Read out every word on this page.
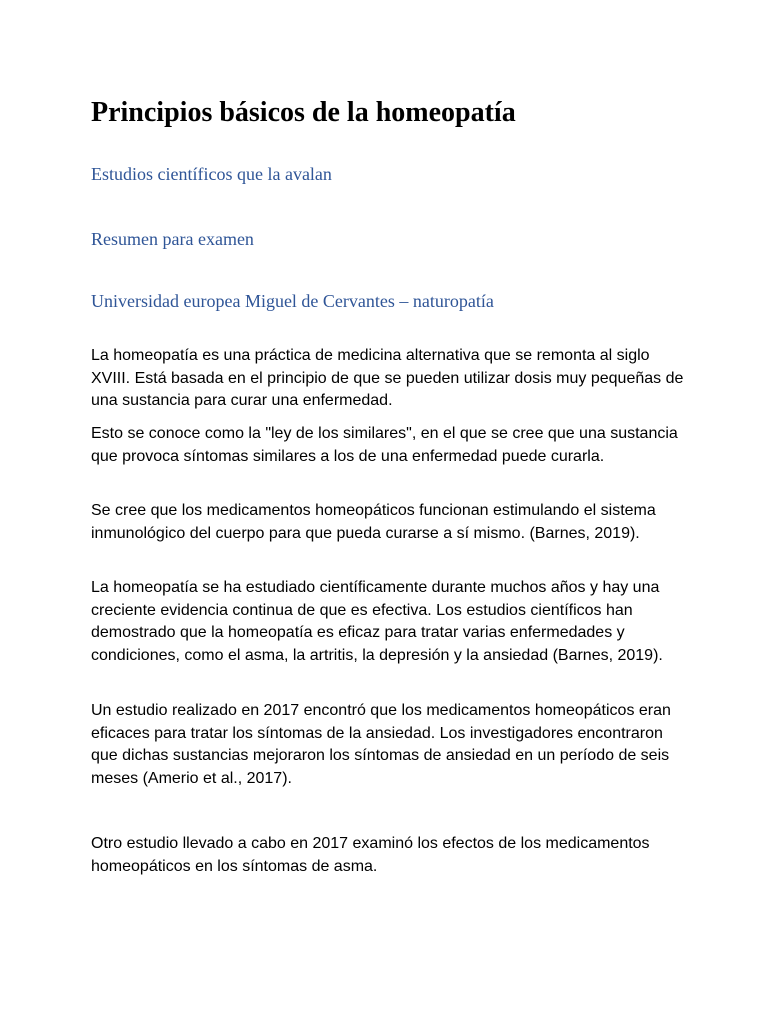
Principios básicos de la homeopatía
Estudios científicos que la avalan
Resumen para examen
Universidad europea Miguel de Cervantes – naturopatía

La homeopatía es una práctica de medicina alternativa que se remonta al siglo XVIII. Está basada en el principio de que se pueden utilizar dosis muy pequeñas de una sustancia para curar una enfermedad.

Esto se conoce como la "ley de los similares", en el que se cree que una sustancia que provoca síntomas similares a los de una enfermedad puede curarla.

Se cree que los medicamentos homeopáticos funcionan estimulando el sistema inmunológico del cuerpo para que pueda curarse a sí mismo. (Barnes, 2019).

La homeopatía se ha estudiado científicamente durante muchos años y hay una creciente evidencia continua de que es efectiva. Los estudios científicos han demostrado que la homeopatía es eficaz para tratar varias enfermedades y condiciones, como el asma, la artritis, la depresión y la ansiedad (Barnes, 2019).

Un estudio realizado en 2017 encontró que los medicamentos homeopáticos eran eficaces para tratar los síntomas de la ansiedad. Los investigadores encontraron que dichas sustancias mejoraron los síntomas de ansiedad en un período de seis meses (Amerio et al., 2017).

Otro estudio llevado a cabo en 2017 examinó los efectos de los medicamentos homeopáticos en los síntomas de asma.
